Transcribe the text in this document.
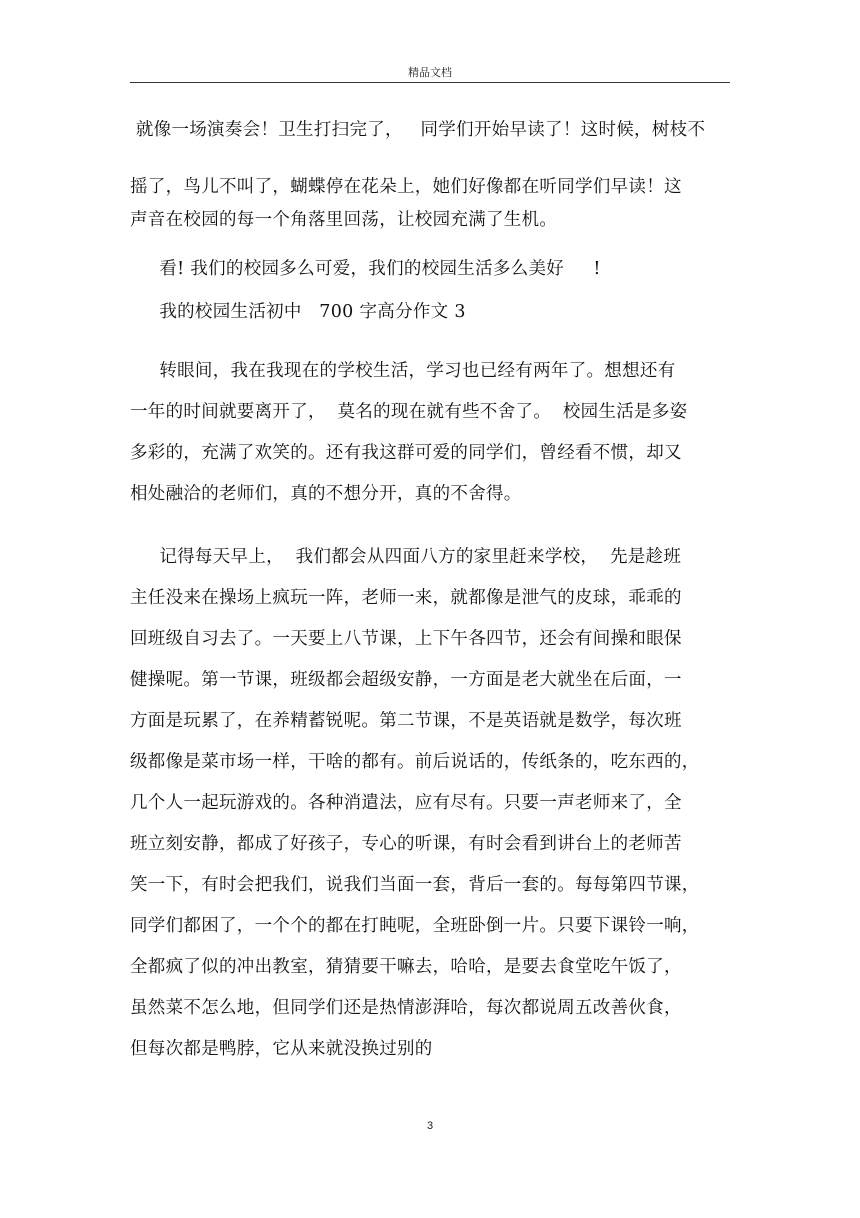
精品文档
就像一场演奏会！卫生打扫完了，   同学们开始早读了！这时候，树枝不
摇了，鸟儿不叫了，蝴蝶停在花朵上，她们好像都在听同学们早读！这
声音在校园的每一个角落里回荡，让校园充满了生机。
看! 我们的校园多么可爱，我们的校园生活多么美好     !
我的校园生活初中   700 字高分作文 3
转眼间，我在我现在的学校生活，学习也已经有两年了。想想还有
一年的时间就要离开了，  莫名的现在就有些不舍了。  校园生活是多姿
多彩的，充满了欢笑的。还有我这群可爱的同学们，曾经看不惯，却又
相处融洽的老师们，真的不想分开，真的不舍得。
记得每天早上，  我们都会从四面八方的家里赶来学校，  先是趁班
主任没来在操场上疯玩一阵，老师一来，就都像是泄气的皮球，乖乖的
回班级自习去了。一天要上八节课，上下午各四节，还会有间操和眼保
健操呢。第一节课，班级都会超级安静，一方面是老大就坐在后面，一
方面是玩累了，在养精蓄锐呢。第二节课，不是英语就是数学，每次班
级都像是菜市场一样，干啥的都有。前后说话的，传纸条的，吃东西的，
几个人一起玩游戏的。各种消遣法，应有尽有。只要一声老师来了，全
班立刻安静，都成了好孩子，专心的听课，有时会看到讲台上的老师苦
笑一下，有时会把我们，说我们当面一套，背后一套的。每每第四节课，
同学们都困了，一个个的都在打盹呢，全班卧倒一片。只要下课铃一响，
全都疯了似的冲出教室，猜猜要干嘛去，哈哈，是要去食堂吃午饭了，
虽然菜不怎么地，但同学们还是热情澎湃哈，每次都说周五改善伙食，
但每次都是鸭脖，它从来就没换过别的
3
